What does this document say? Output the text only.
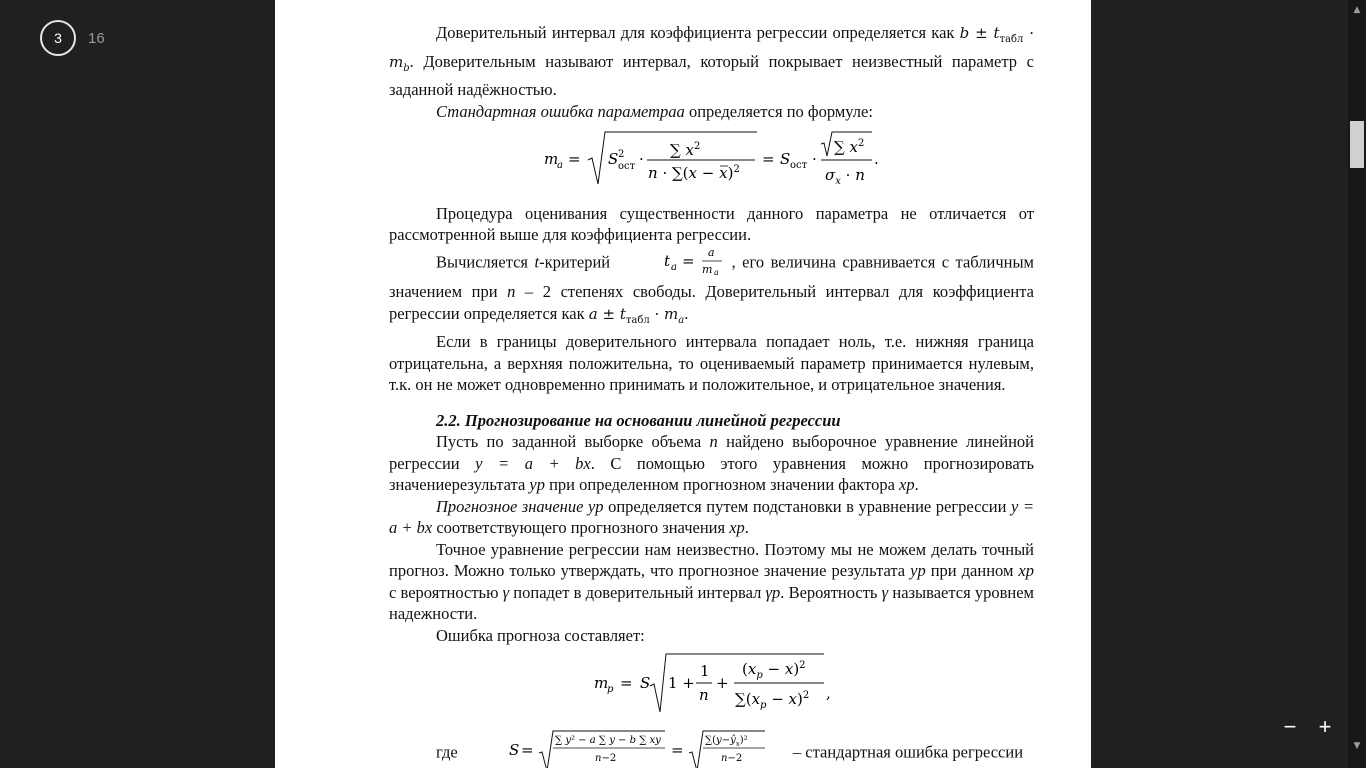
3	16
− +
▲
▼

Доверительный интервал для коэффициента регрессии определяется как $b \pm t_{табл} \cdot m_b$. Доверительным называют интервал, который покрывает неизвестный параметр с заданной надёжностью.

Стандартная ошибка параметраа определяется по формуле:

m
a = S 2
ост · ∑ $x^2$
$n \cdot \sum(x - x)^2$
= S ост ·
∑ $x^2$
$\sigma_x \cdot n$
.

Процедура оценивания существенности данного параметра не отличается от рассмотренной выше для коэффициента регрессии.

Вычисляется t-критерий	t a = a
m a
, его величина сравнивается с табличным значением при n – 2 степенях свободы. Доверительный интервал для коэффициента регрессии определяется как $a \pm t_{табл} \cdot m_a$.

Если в границы доверительного интервала попадает ноль, т.е. нижняя граница отрицательна, а верхняя положительна, то оцениваемый параметр принимается нулевым, т.к. он не может одновременно принимать и положительное, и отрицательное значения.

2.2. Прогнозирование на основании линейной регрессии

Пусть по заданной выборке объема n найдено выборочное уравнение линейной регрессии y = a + bx. С помощью этого уравнения можно прогнозировать значениерезультата yp при определенном прогнозном значении фактора xp.

Прогнозное значение yp определяется путем подстановки в уравнение регрессии y = a + bx соответствующего прогнозного значения xp.

Точное уравнение регрессии нам неизвестно. Поэтому мы не можем делать точный прогноз. Можно только утверждать, что прогнозное значение результата yp при данном xp с вероятностью γ попадет в доверительный интервал γp. Вероятность γ называется уровнем надежности.

Ошибка прогноза составляет:

m
p = S 1 +
1
n
+
$(x_p - x)^2$
$\sum(x_p - x)^2$ ,

где	S =
∑ y² − a ∑ y − b ∑ xy
n−2	=
$\sum(y-ŷ_x)^2$
n−2	– стандартная ошибка регрессии
